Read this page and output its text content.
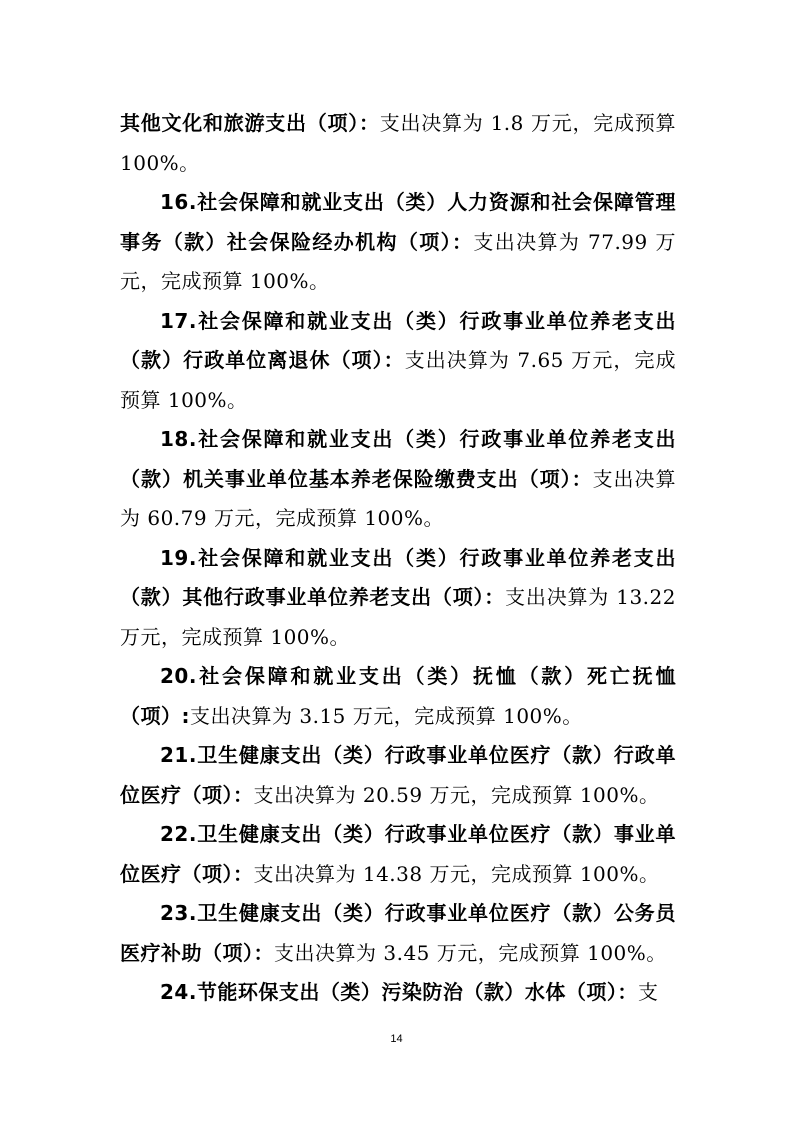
其他文化和旅游支出（项）：支出决算为 1.8 万元，完成预算 100%。

16.社会保障和就业支出（类）人力资源和社会保障管理事务（款）社会保险经办机构（项）：支出决算为 77.99 万元，完成预算 100%。

17.社会保障和就业支出（类）行政事业单位养老支出（款）行政单位离退休（项）：支出决算为 7.65 万元，完成预算 100%。

18.社会保障和就业支出（类）行政事业单位养老支出（款）机关事业单位基本养老保险缴费支出（项）：支出决算为 60.79 万元，完成预算 100%。

19.社会保障和就业支出（类）行政事业单位养老支出（款）其他行政事业单位养老支出（项）：支出决算为 13.22 万元，完成预算 100%。

20.社会保障和就业支出（类）抚恤（款）死亡抚恤（项）:支出决算为 3.15 万元，完成预算 100%。

21.卫生健康支出（类）行政事业单位医疗（款）行政单位医疗（项）：支出决算为 20.59 万元，完成预算 100%。

22.卫生健康支出（类）行政事业单位医疗（款）事业单位医疗（项）：支出决算为 14.38 万元，完成预算 100%。

23.卫生健康支出（类）行政事业单位医疗（款）公务员医疗补助（项）：支出决算为 3.45 万元，完成预算 100%。

24.节能环保支出（类）污染防治（款）水体（项）：支

14
